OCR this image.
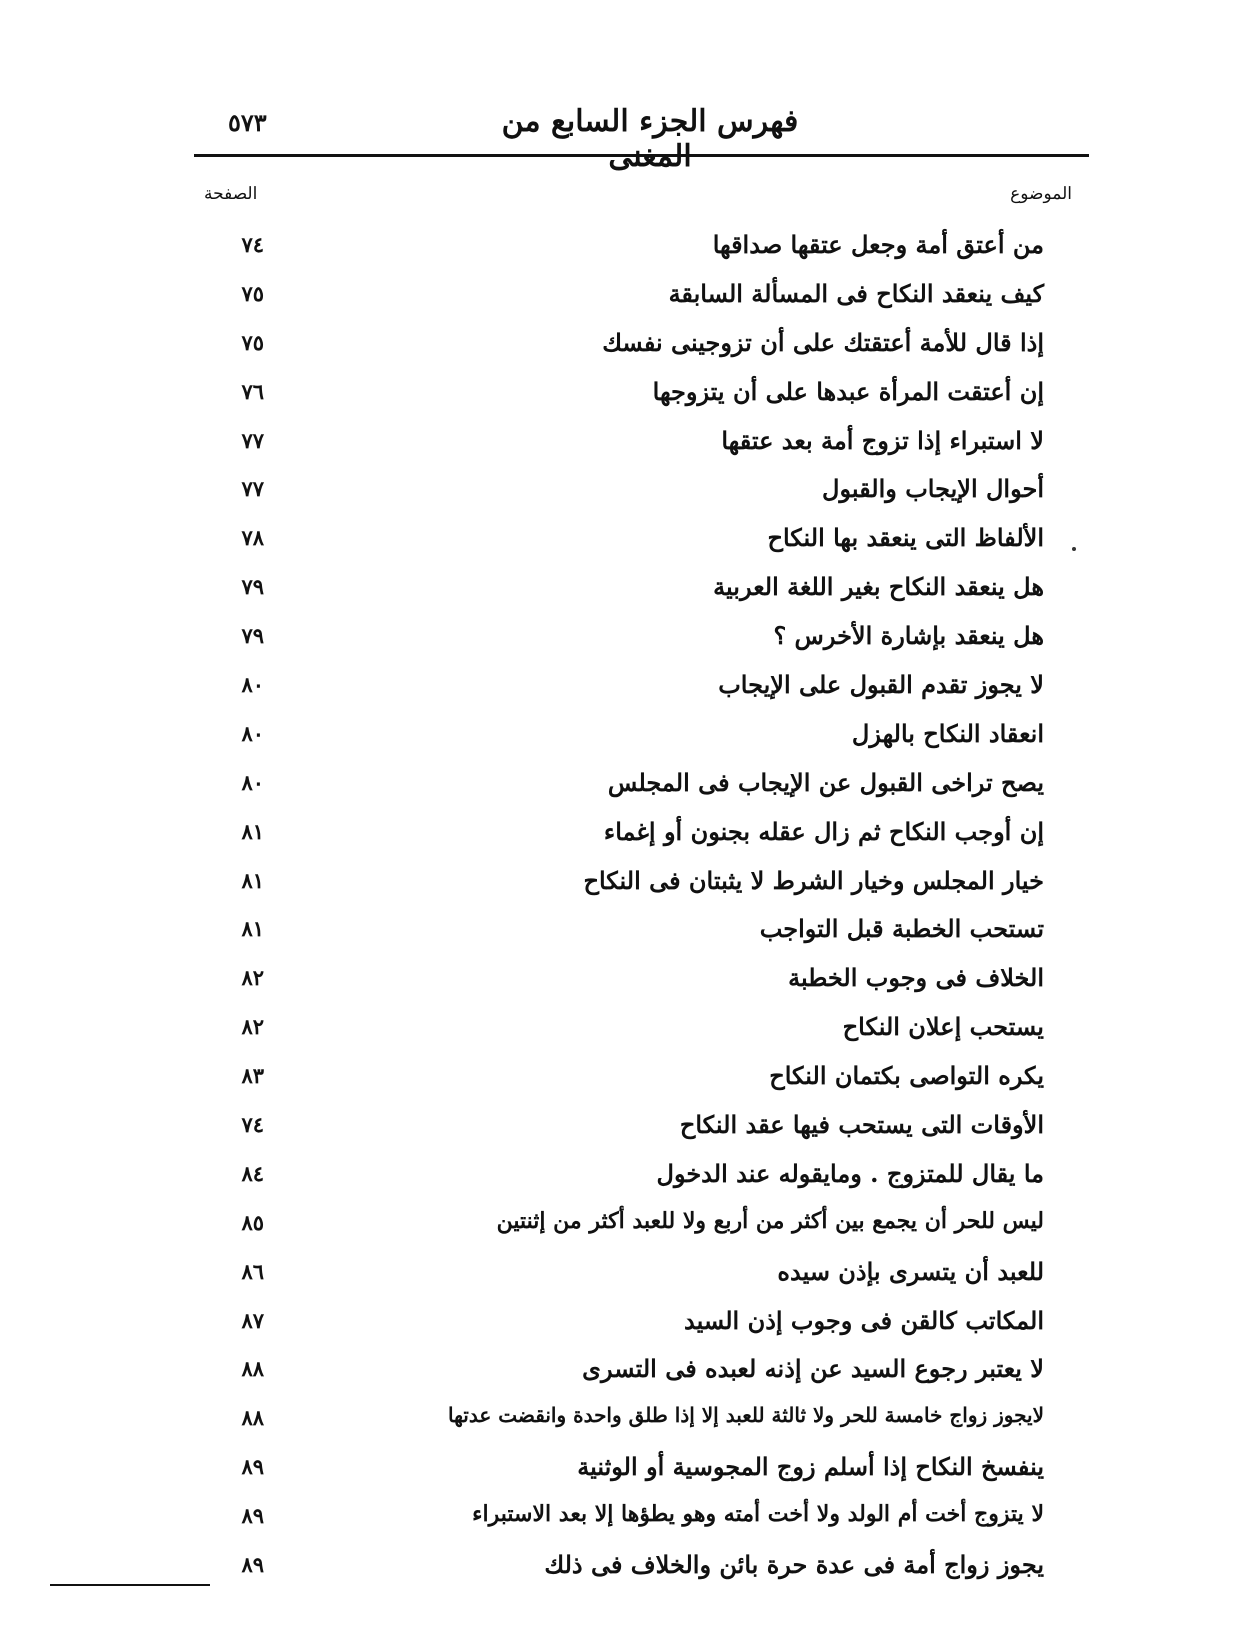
٥٧٣	فهرس الجزء السابع من المغنى
الموضوع
الصفحة
من أعتق أمة وجعل عتقها صداقها
٧٤
كيف ينعقد النكاح فى المسألة السابقة
٧٥
إذا قال للأمة أعتقتك على أن تزوجينى نفسك
٧٥
إن أعتقت المرأة عبدها على أن يتزوجها
٧٦
لا استبراء إذا تزوج أمة بعد عتقها
٧٧
أحوال الإيجاب والقبول
٧٧
الألفاظ التى ينعقد بها النكاح
٧٨
هل ينعقد النكاح بغير اللغة العربية
٧٩
هل ينعقد بإشارة الأخرس ؟
٧٩
لا يجوز تقدم القبول على الإيجاب
٨٠
انعقاد النكاح بالهزل
٨٠
يصح تراخى القبول عن الإيجاب فى المجلس
٨٠
إن أوجب النكاح ثم زال عقله بجنون أو إغماء
٨١
خيار المجلس وخيار الشرط لا يثبتان فى النكاح
٨١
تستحب الخطبة قبل التواجب
٨١
الخلاف فى وجوب الخطبة
٨٢
يستحب إعلان النكاح
٨٢
يكره التواصى بكتمان النكاح
٨٣
الأوقات التى يستحب فيها عقد النكاح
٧٤
ما يقال للمتزوج . ومايقوله عند الدخول
٨٤
ليس للحر أن يجمع بين أكثر من أربع ولا للعبد أكثر من إثنتين
٨٥
للعبد أن يتسرى بإذن سيده
٨٦
المكاتب كالقن فى وجوب إذن السيد
٨٧
لا يعتبر رجوع السيد عن إذنه لعبده فى التسرى
٨٨
لايجوز زواج خامسة للحر ولا ثالثة للعبد إلا إذا طلق واحدة وانقضت عدتها
٨٨
ينفسخ النكاح إذا أسلم زوج المجوسية أو الوثنية
٨٩
لا يتزوج أخت أم الولد ولا أخت أمته وهو يطؤها إلا بعد الاستبراء
٨٩
يجوز زواج أمة فى عدة حرة بائن والخلاف فى ذلك
٨٩
